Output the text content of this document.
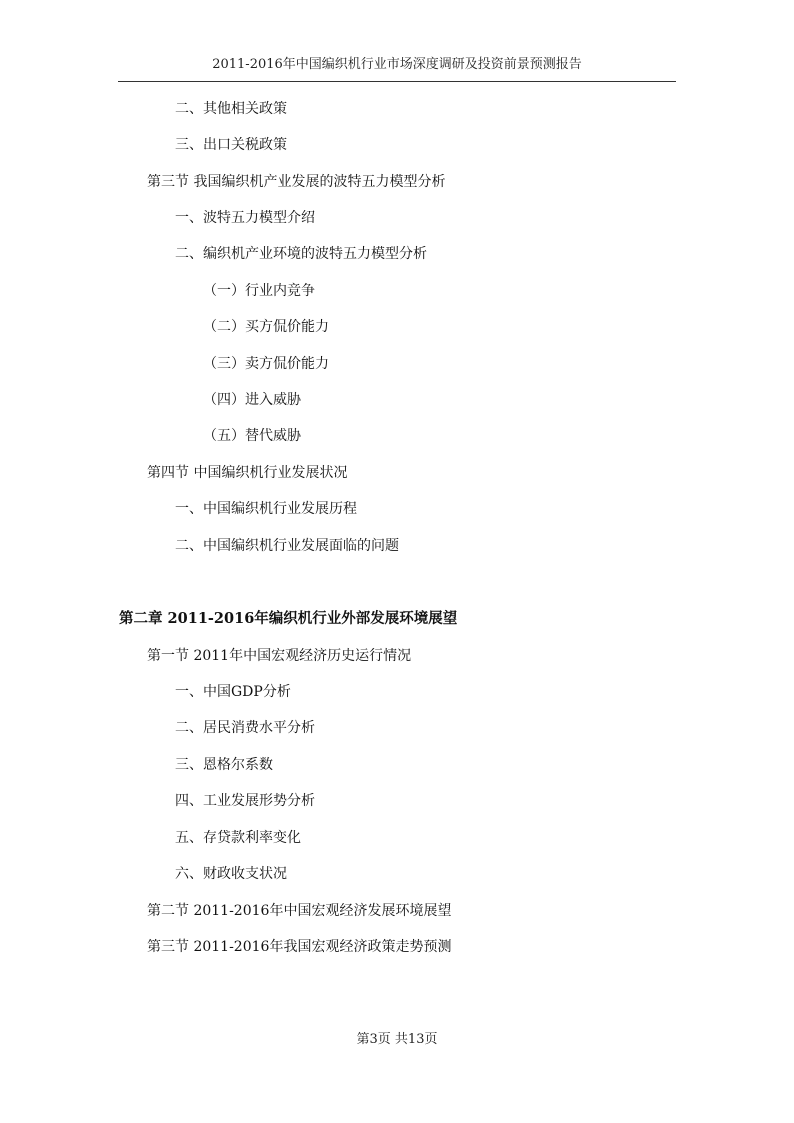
2011-2016年中国编织机行业市场深度调研及投资前景预测报告
二、其他相关政策
三、出口关税政策
第三节 我国编织机产业发展的波特五力模型分析
一、波特五力模型介绍
二、编织机产业环境的波特五力模型分析
（一）行业内竞争
（二）买方侃价能力
（三）卖方侃价能力
（四）进入威胁
（五）替代威胁
第四节 中国编织机行业发展状况
一、中国编织机行业发展历程
二、中国编织机行业发展面临的问题
第二章 2011-2016年编织机行业外部发展环境展望
第一节 2011年中国宏观经济历史运行情况
一、中国GDP分析
二、居民消费水平分析
三、恩格尔系数
四、工业发展形势分析
五、存贷款利率变化
六、财政收支状况
第二节 2011-2016年中国宏观经济发展环境展望
第三节 2011-2016年我国宏观经济政策走势预测
第3页 共13页
